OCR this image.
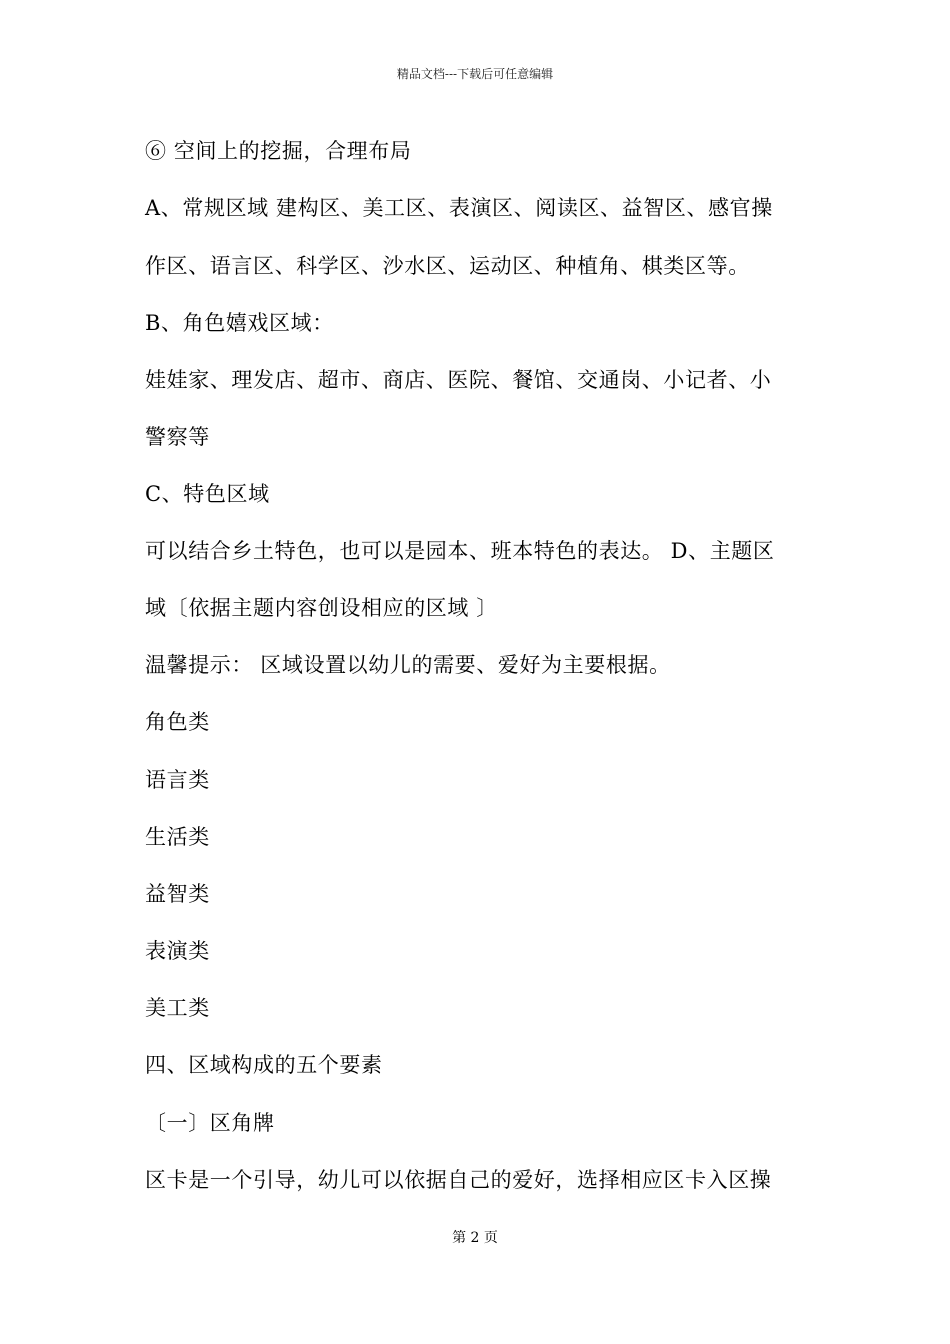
精品文档---下载后可任意编辑
⑥ 空间上的挖掘，合理布局
A、常规区域 建构区、美工区、表演区、阅读区、益智区、感官操
作区、语言区、科学区、沙水区、运动区、种植角、棋类区等。
B、角色嬉戏区域：
娃娃家、理发店、超市、商店、医院、餐馆、交通岗、小记者、小
警察等
C、特色区域
可以结合乡土特色，也可以是园本、班本特色的表达。 D、主题区
域〔依据主题内容创设相应的区域 〕
温馨提示： 区域设置以幼儿的需要、爱好为主要根据。
角色类
语言类
生活类
益智类
表演类
美工类
四、区域构成的五个要素
〔一〕区角牌
区卡是一个引导，幼儿可以依据自己的爱好，选择相应区卡入区操
第 2 页
